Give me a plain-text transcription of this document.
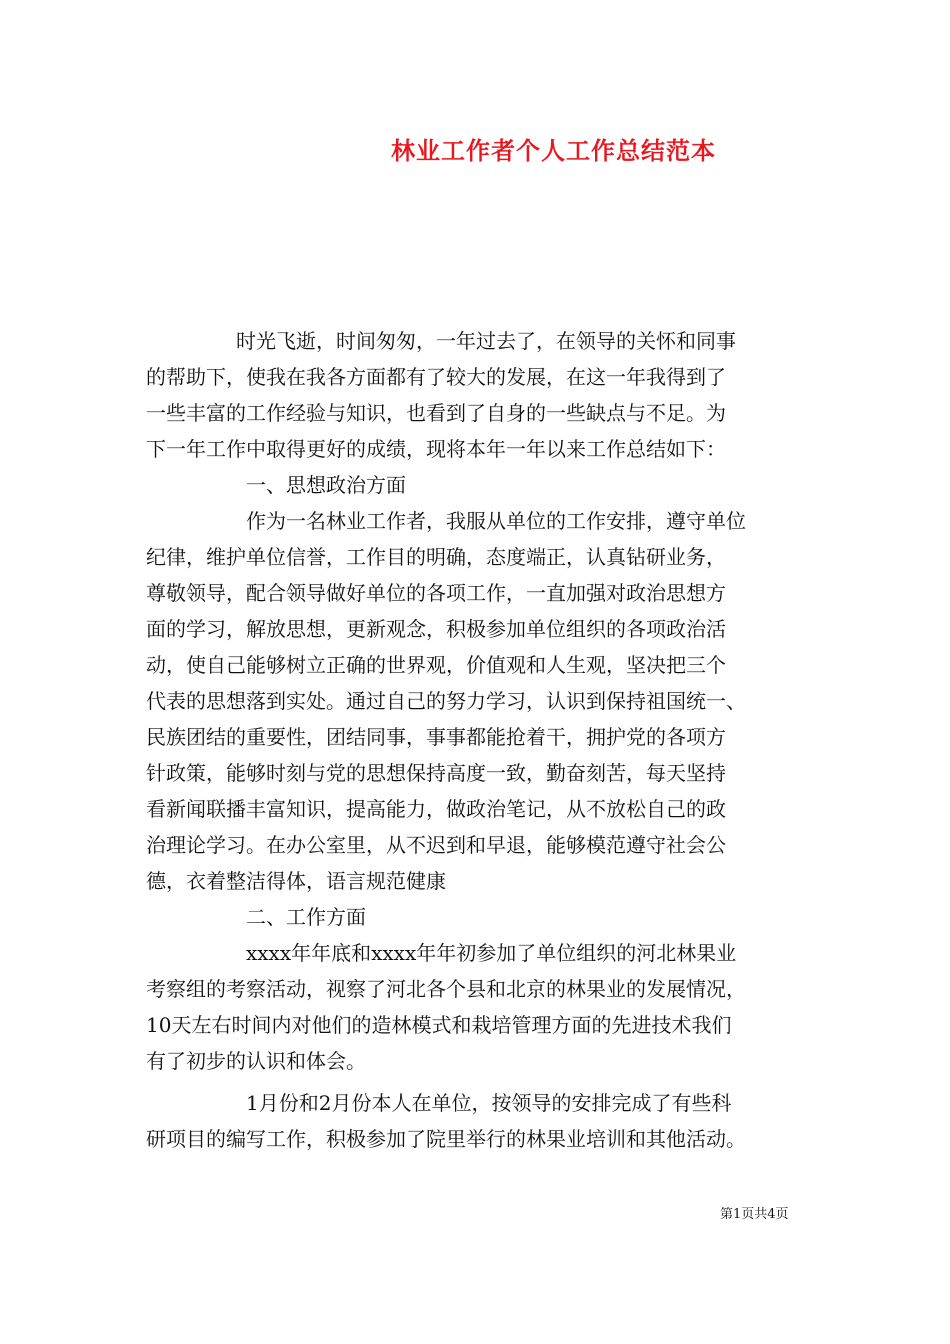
林业工作者个人工作总结范本
时光飞逝，时间匆匆，一年过去了，在领导的关怀和同事
的帮助下，使我在我各方面都有了较大的发展，在这一年我得到了
一些丰富的工作经验与知识，也看到了自身的一些缺点与不足。为
下一年工作中取得更好的成绩，现将本年一年以来工作总结如下：
一、思想政治方面
作为一名林业工作者，我服从单位的工作安排，遵守单位
纪律，维护单位信誉，工作目的明确，态度端正，认真钻研业务，
尊敬领导，配合领导做好单位的各项工作，一直加强对政治思想方
面的学习，解放思想，更新观念，积极参加单位组织的各项政治活
动，使自己能够树立正确的世界观，价值观和人生观，坚决把三个
代表的思想落到实处。通过自己的努力学习，认识到保持祖国统一、
民族团结的重要性，团结同事，事事都能抢着干，拥护党的各项方
针政策，能够时刻与党的思想保持高度一致，勤奋刻苦，每天坚持
看新闻联播丰富知识，提高能力，做政治笔记，从不放松自己的政
治理论学习。在办公室里，从不迟到和早退，能够模范遵守社会公
德，衣着整洁得体，语言规范健康
二、工作方面
xxxx年年底和xxxx年年初参加了单位组织的河北林果业
考察组的考察活动，视察了河北各个县和北京的林果业的发展情况，
10天左右时间内对他们的造林模式和栽培管理方面的先进技术我们
有了初步的认识和体会。
1月份和2月份本人在单位，按领导的安排完成了有些科
研项目的编写工作，积极参加了院里举行的林果业培训和其他活动。
第1页共4页
